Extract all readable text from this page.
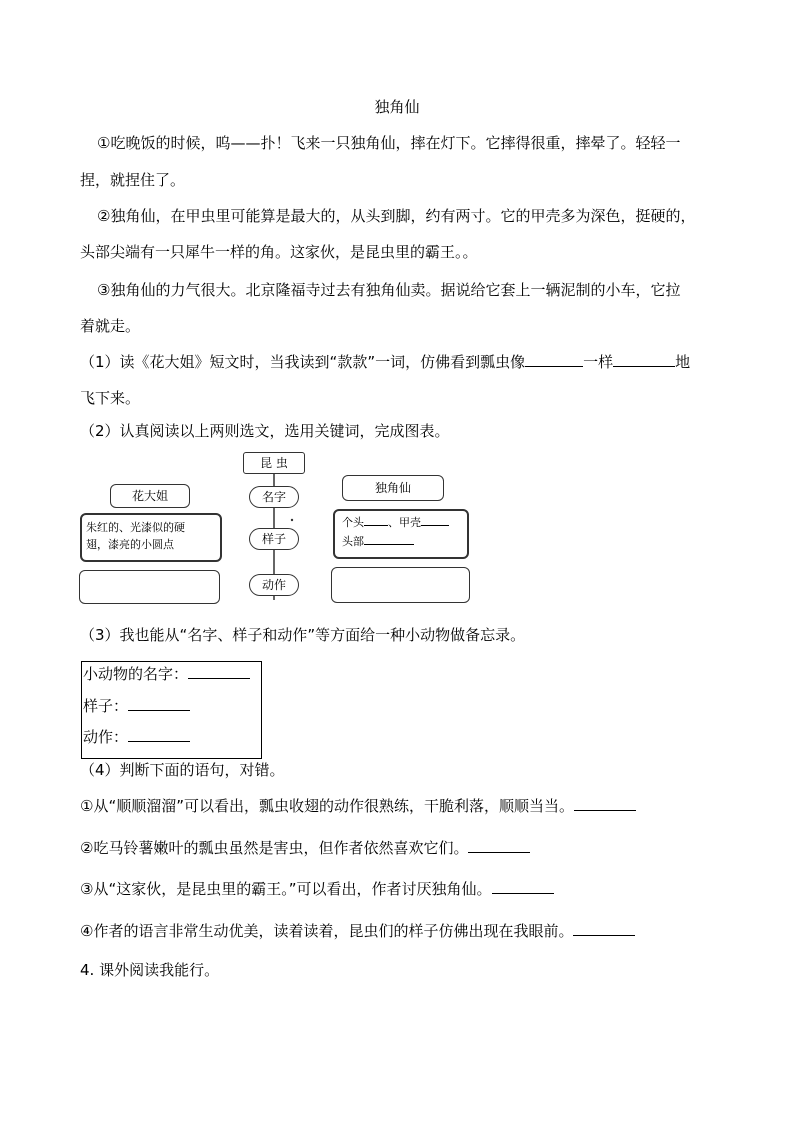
独角仙
①吃晚饭的时候，呜——扑！飞来一只独角仙，摔在灯下。它摔得很重，摔晕了。轻轻一
捏，就捏住了。
②独角仙，在甲虫里可能算是最大的，从头到脚，约有两寸。它的甲壳多为深色，挺硬的，
头部尖端有一只犀牛一样的角。这家伙，是昆虫里的霸王。。
③独角仙的力气很大。北京隆福寺过去有独角仙卖。据说给它套上一辆泥制的小车，它拉
着就走。
（1）读《花大姐》短文时，当我读到“款款”一词，仿佛看到瓢虫像	一样	地
飞下来。
（2）认真阅读以上两则选文，选用关键词，完成图表。
花大姐
朱红的、光漆似的硬
翅，漆亮的小圆点
昆 虫
名字
样子
动作
独角仙
个头 、甲壳
头部
（3）我也能从“名字、样子和动作”等方面给一种小动物做备忘录。
小动物的名字：
样子：
动作：
（4）判断下面的语句，对错。
①从“顺顺溜溜”可以看出，瓢虫收翅的动作很熟练，干脆利落，顺顺当当。
②吃马铃薯嫩叶的瓢虫虽然是害虫，但作者依然喜欢它们。
③从“这家伙，是昆虫里的霸王。”可以看出，作者讨厌独角仙。
④作者的语言非常生动优美，读着读着，昆虫们的样子仿佛出现在我眼前。
4. 课外阅读我能行。
